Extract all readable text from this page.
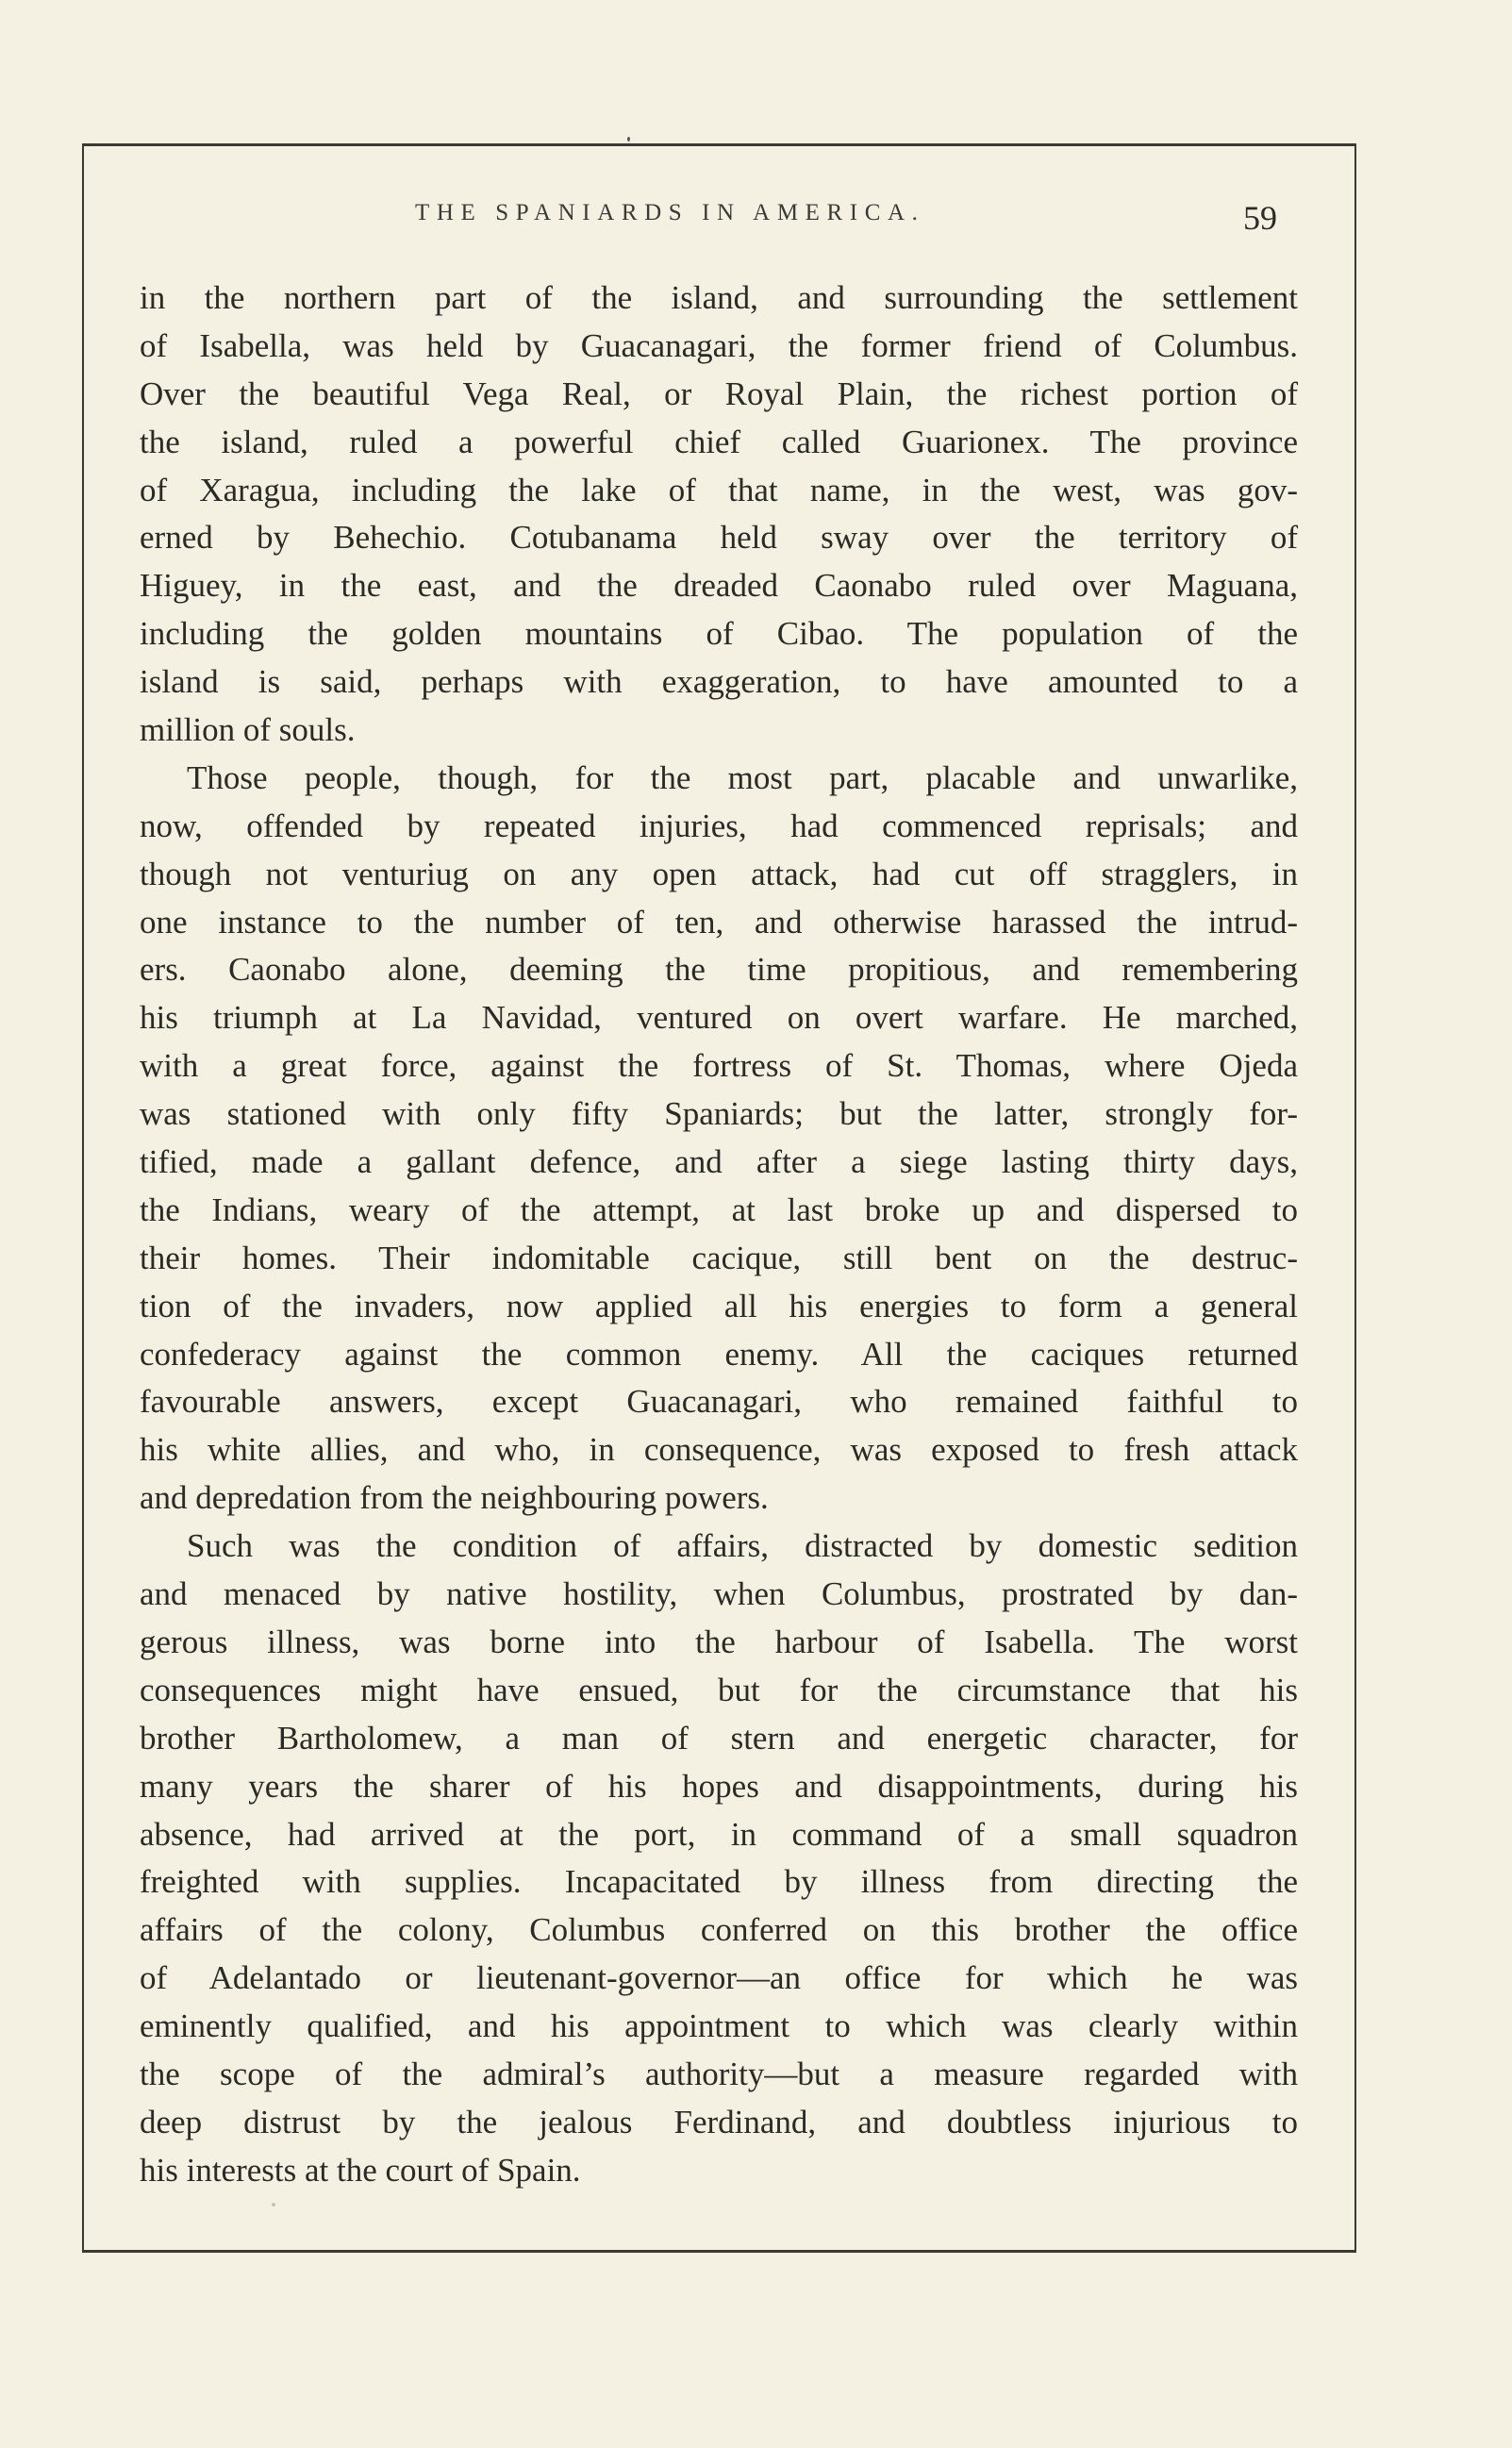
THE SPANIARDS IN AMERICA.	59
in the northern part of the island, and surrounding the settlement
of Isabella, was held by Guacanagari, the former friend of Columbus.
Over the beautiful Vega Real, or Royal Plain, the richest portion of
the island, ruled a powerful chief called Guarionex. The province
of Xaragua, including the lake of that name, in the west, was gov-
erned by Behechio. Cotubanama held sway over the territory of
Higuey, in the east, and the dreaded Caonabo ruled over Maguana,
including the golden mountains of Cibao. The population of the
island is said, perhaps with exaggeration, to have amounted to a
million of souls.
Those people, though, for the most part, placable and unwarlike,
now, offended by repeated injuries, had commenced reprisals; and
though not venturiug on any open attack, had cut off stragglers, in
one instance to the number of ten, and otherwise harassed the intrud-
ers. Caonabo alone, deeming the time propitious, and remembering
his triumph at La Navidad, ventured on overt warfare. He marched,
with a great force, against the fortress of St. Thomas, where Ojeda
was stationed with only fifty Spaniards; but the latter, strongly for-
tified, made a gallant defence, and after a siege lasting thirty days,
the Indians, weary of the attempt, at last broke up and dispersed to
their homes. Their indomitable cacique, still bent on the destruc-
tion of the invaders, now applied all his energies to form a general
confederacy against the common enemy. All the caciques returned
favourable answers, except Guacanagari, who remained faithful to
his white allies, and who, in consequence, was exposed to fresh attack
and depredation from the neighbouring powers.
Such was the condition of affairs, distracted by domestic sedition
and menaced by native hostility, when Columbus, prostrated by dan-
gerous illness, was borne into the harbour of Isabella. The worst
consequences might have ensued, but for the circumstance that his
brother Bartholomew, a man of stern and energetic character, for
many years the sharer of his hopes and disappointments, during his
absence, had arrived at the port, in command of a small squadron
freighted with supplies. Incapacitated by illness from directing the
affairs of the colony, Columbus conferred on this brother the office
of Adelantado or lieutenant-governor—an office for which he was
eminently qualified, and his appointment to which was clearly within
the scope of the admiral’s authority—but a measure regarded with
deep distrust by the jealous Ferdinand, and doubtless injurious to
his interests at the court of Spain.
